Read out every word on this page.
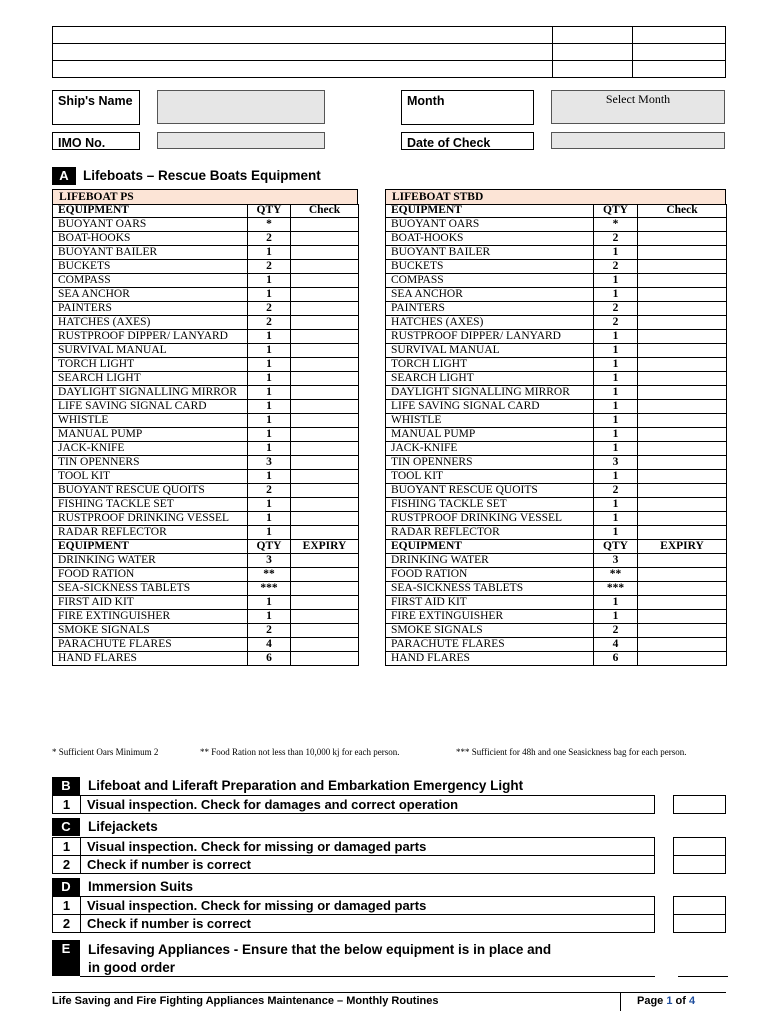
Ship's Name
IMO No.
Month	Select Month
Date of Check
A	Lifeboats – Rescue Boats Equipment
LIFEBOAT PS
EQUIPMENT	QTY	Check
BUOYANT OARS	*	
BOAT-HOOKS	2	
BUOYANT BAILER	1	
BUCKETS	2	
COMPASS	1	
SEA ANCHOR	1	
PAINTERS	2	
HATCHES (AXES)	2	
RUSTPROOF DIPPER/ LANYARD	1	
SURVIVAL MANUAL	1	
TORCH LIGHT	1	
SEARCH LIGHT	1	
DAYLIGHT SIGNALLING MIRROR	1	
LIFE SAVING SIGNAL CARD	1	
WHISTLE	1	
MANUAL PUMP	1	
JACK-KNIFE	1	
TIN OPENNERS	3	
TOOL KIT	1	
BUOYANT RESCUE QUOITS	2	
FISHING TACKLE SET	1	
RUSTPROOF DRINKING VESSEL	1	
RADAR REFLECTOR	1	
EQUIPMENT	QTY	EXPIRY
DRINKING WATER	3	
FOOD RATION	**	
SEA-SICKNESS TABLETS	***	
FIRST AID KIT	1	
FIRE EXTINGUISHER	1	
SMOKE SIGNALS	2	
PARACHUTE FLARES	4	
HAND FLARES	6	
LIFEBOAT STBD
EQUIPMENT	QTY	Check
BUOYANT OARS	*	
BOAT-HOOKS	2	
BUOYANT BAILER	1	
BUCKETS	2	
COMPASS	1	
SEA ANCHOR	1	
PAINTERS	2	
HATCHES (AXES)	2	
RUSTPROOF DIPPER/ LANYARD	1	
SURVIVAL MANUAL	1	
TORCH LIGHT	1	
SEARCH LIGHT	1	
DAYLIGHT SIGNALLING MIRROR	1	
LIFE SAVING SIGNAL CARD	1	
WHISTLE	1	
MANUAL PUMP	1	
JACK-KNIFE	1	
TIN OPENNERS	3	
TOOL KIT	1	
BUOYANT RESCUE QUOITS	2	
FISHING TACKLE SET	1	
RUSTPROOF DRINKING VESSEL	1	
RADAR REFLECTOR	1	
EQUIPMENT	QTY	EXPIRY
DRINKING WATER	3	
FOOD RATION	**	
SEA-SICKNESS TABLETS	***	
FIRST AID KIT	1	
FIRE EXTINGUISHER	1	
SMOKE SIGNALS	2	
PARACHUTE FLARES	4	
HAND FLARES	6	
* Sufficient Oars Minimum 2	** Food Ration not less than 10,000 kj for each person.	*** Sufficient for 48h and one Seasickness bag for each person.
B	Lifeboat and Liferaft Preparation and Embarkation Emergency Light
1	Visual inspection. Check for damages and correct operation
C	Lifejackets
1	Visual inspection. Check for missing or damaged parts
2	Check if number is correct
D	Immersion Suits
1	Visual inspection. Check for missing or damaged parts
2	Check if number is correct
E	Lifesaving Appliances - Ensure that the below equipment is in place and
in good order
Life Saving and Fire Fighting Appliances Maintenance – Monthly Routines	Page 1 of 4
